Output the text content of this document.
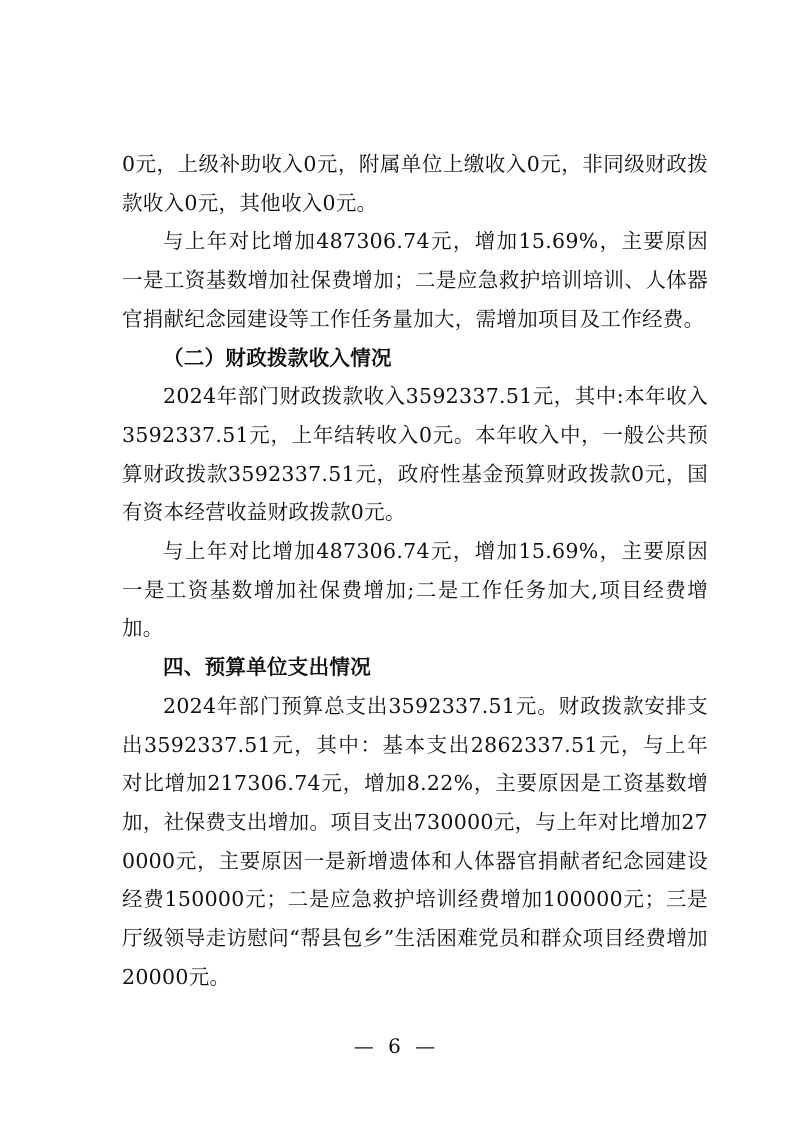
0元，上级补助收入0元，附属单位上缴收入0元，非同级财政拨款收入0元，其他收入0元。

与上年对比增加487306.74元，增加15.69%，主要原因一是工资基数增加社保费增加；二是应急救护培训培训、人体器官捐献纪念园建设等工作任务量加大，需增加项目及工作经费。

（二）财政拨款收入情况

2024年部门财政拨款收入3592337.51元，其中:本年收入3592337.51元，上年结转收入0元。本年收入中，一般公共预算财政拨款3592337.51元，政府性基金预算财政拨款0元，国有资本经营收益财政拨款0元。

与上年对比增加487306.74元，增加15.69%，主要原因一是工资基数增加社保费增加;二是工作任务加大,项目经费增加。

四、预算单位支出情况

2024年部门预算总支出3592337.51元。财政拨款安排支出3592337.51元，其中：基本支出2862337.51元，与上年对比增加217306.74元，增加8.22%，主要原因是工资基数增加，社保费支出增加。项目支出730000元，与上年对比增加270000元，主要原因一是新增遗体和人体器官捐献者纪念园建设经费150000元；二是应急救护培训经费增加100000元；三是厅级领导走访慰问“帮县包乡”生活困难党员和群众项目经费增加20000元。

— 6 —
